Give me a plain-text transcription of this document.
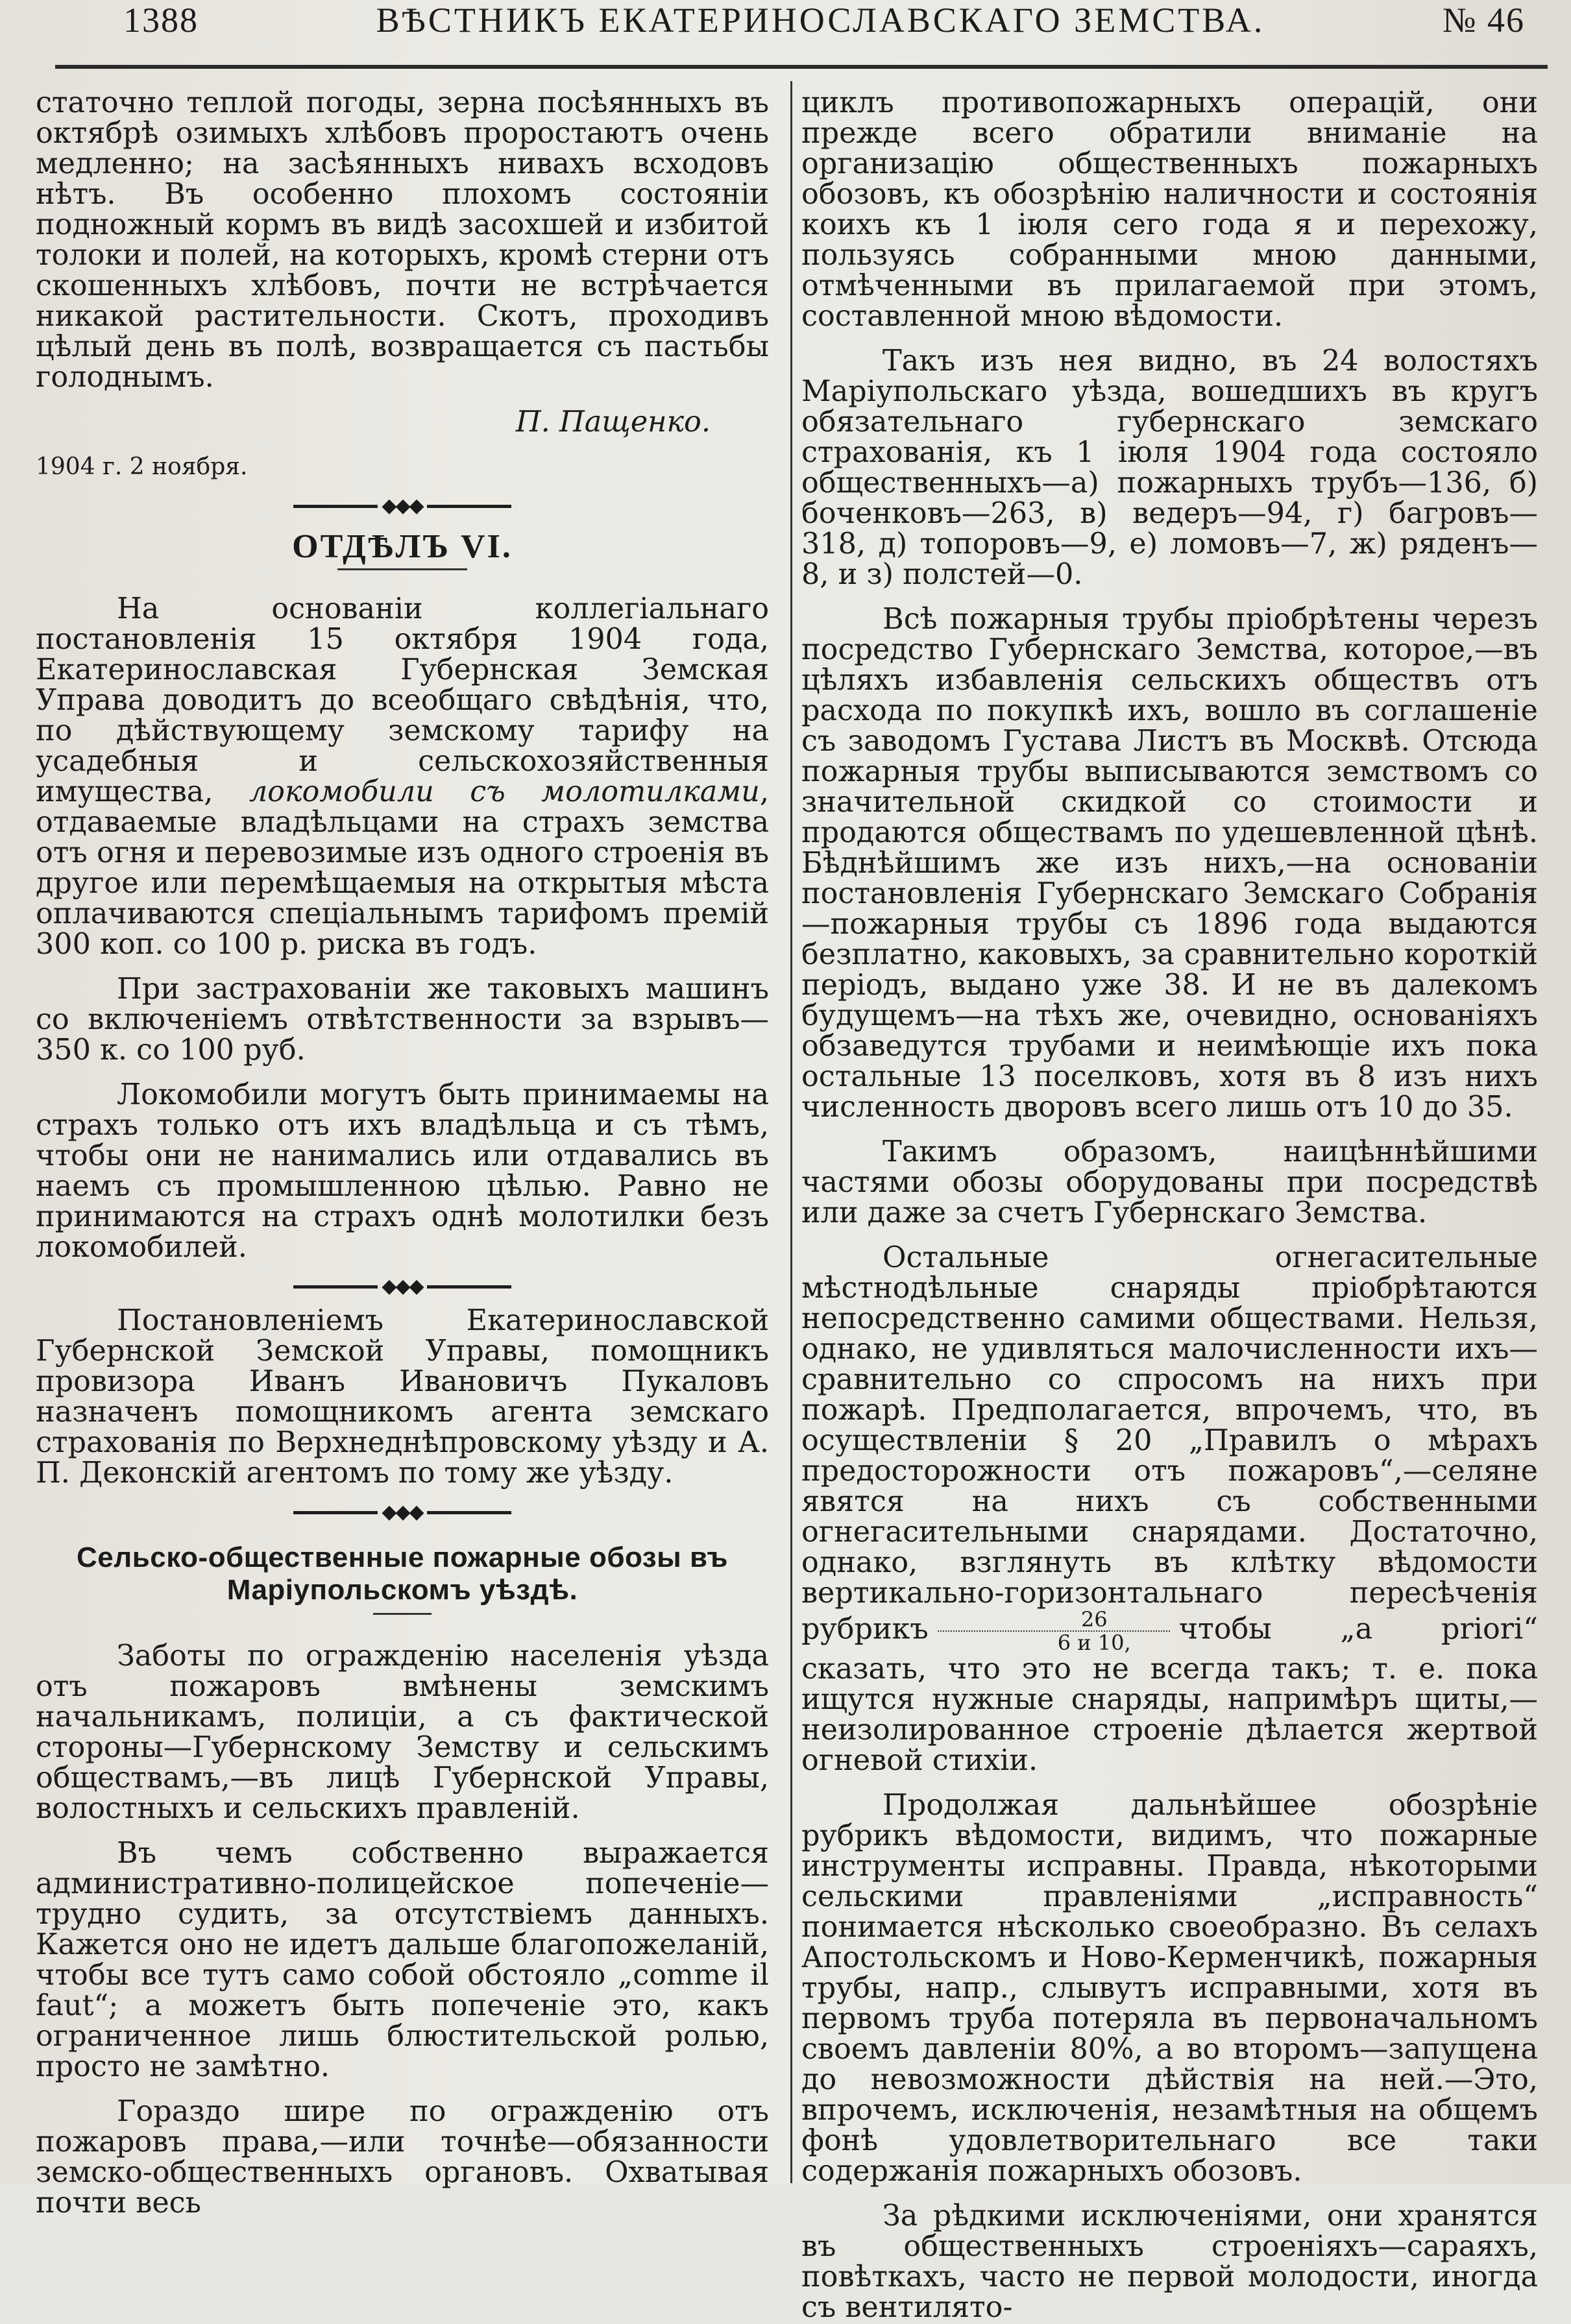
1388	ВѢСТНИКЪ ЕКАТЕРИНОСЛАВСКАГО ЗЕМСТВА.	№ 46

статочно теплой погоды, зерна посѣянныхъ въ октябрѣ озимыхъ хлѣбовъ проростаютъ очень медленно; на засѣянныхъ нивахъ всходовъ нѣтъ. Въ особенно плохомъ состояніи подножный кормъ въ видѣ засохшей и избитой толоки и полей, на которыхъ, кромѣ стерни отъ скошенныхъ хлѣбовъ, почти не встрѣчается никакой растительности. Скотъ, проходивъ цѣлый день въ полѣ, возвращается съ пастьбы голоднымъ.

П. Пащенко.

1904 г. 2 ноября.

◆◆◆
ОТДѢЛЪ VI.

На основаніи коллегіальнаго постановленія 15 октября 1904 года, Екатеринославская Губернская Земская Управа доводитъ до всеобщаго свѣдѣнія, что, по дѣйствующему земскому тарифу на усадебныя и сельскохозяйственныя имущества, локомобили съ молотилками, отдаваемые владѣльцами на страхъ земства отъ огня и перевозимые изъ одного строенія въ другое или перемѣщаемыя на открытыя мѣста оплачиваются спеціальнымъ тарифомъ премій 300 коп. со 100 р. риска въ годъ.

При застрахованіи же таковыхъ машинъ со включеніемъ отвѣтственности за взрывъ—350 к. со 100 руб.

Локомобили могутъ быть принимаемы на страхъ только отъ ихъ владѣльца и съ тѣмъ, чтобы они не нанимались или отдавались въ наемъ съ промышленною цѣлью. Равно не принимаются на страхъ однѣ молотилки безъ локомобилей.

◆◆◆

Постановленіемъ Екатеринославской Губернской Земской Управы, помощникъ провизора Иванъ Ивановичъ Пукаловъ назначенъ помощникомъ агента земскаго страхованія по Верхнеднѣпровскому уѣзду и А. П. Деконскій агентомъ по тому же уѣзду.

◆◆◆
Сельско-общественные пожарные обозы въ Маріупольскомъ уѣздѣ.

Заботы по огражденію населенія уѣзда отъ пожаровъ вмѣнены земскимъ начальникамъ, полиціи, а съ фактической стороны—Губернскому Земству и сельскимъ обществамъ,—въ лицѣ Губернской Управы, волостныхъ и сельскихъ правленій.

Въ чемъ собственно выражается административно-полицейское попеченіе—трудно судить, за отсутствіемъ данныхъ. Кажется оно не идетъ дальше благопожеланій, чтобы все тутъ само собой обстояло „comme il faut“; а можетъ быть попеченіе это, какъ ограниченное лишь блюстительской ролью, просто не замѣтно.

Гораздо шире по огражденію отъ пожаровъ права,—или точнѣе—обязанности земско-общественныхъ органовъ. Охватывая почти весь

циклъ противопожарныхъ операцій, они прежде всего обратили вниманіе на организацію общественныхъ пожарныхъ обозовъ, къ обозрѣнію наличности и состоянія коихъ къ 1 іюля сего года я и перехожу, пользуясь собранными мною данными, отмѣченными въ прилагаемой при этомъ, составленной мною вѣдомости.

Такъ изъ нея видно, въ 24 волостяхъ Маріупольскаго уѣзда, вошедшихъ въ кругъ обязательнаго губернскаго земскаго страхованія, къ 1 іюля 1904 года состояло общественныхъ—а) пожарныхъ трубъ—136, б) боченковъ—263, в) ведеръ—94, г) багровъ—318, д) топоровъ—9, е) ломовъ—7, ж) ряденъ—8, и з) полстей—0.

Всѣ пожарныя трубы пріобрѣтены черезъ посредство Губернскаго Земства, которое,—въ цѣляхъ избавленія сельскихъ обществъ отъ расхода по покупкѣ ихъ, вошло въ соглашеніе съ заводомъ Густава Листъ въ Москвѣ. Отсюда пожарныя трубы выписываются земствомъ со значительной скидкой со стоимости и продаются обществамъ по удешевленной цѣнѣ. Бѣднѣйшимъ же изъ нихъ,—на основаніи постановленія Губернскаго Земскаго Собранія—пожарныя трубы съ 1896 года выдаются безплатно, каковыхъ, за сравнительно короткій періодъ, выдано уже 38. И не въ далекомъ будущемъ—на тѣхъ же, очевидно, основаніяхъ обзаведутся трубами и неимѣющіе ихъ пока остальные 13 поселковъ, хотя въ 8 изъ нихъ численность дворовъ всего лишь отъ 10 до 35.

Такимъ образомъ, наицѣннѣйшими частями обозы оборудованы при посредствѣ или даже за счетъ Губернскаго Земства.

Остальные огнегасительные мѣстнодѣльные снаряды пріобрѣтаются непосредственно самими обществами. Нельзя, однако, не удивляться малочисленности ихъ—сравнительно со спросомъ на нихъ при пожарѣ. Предполагается, впрочемъ, что, въ осуществленіи § 20 „Правилъ о мѣрахъ предосторожности отъ пожаровъ“,—селяне явятся на нихъ съ собственными огнегасительными снарядами. Достаточно, однако, взглянуть въ клѣтку вѣдомости вертикально-горизонтальнаго пересѣченія рубрикъ $\frac{26}{6 и 10,}$ чтобы „a priori“ сказать, что это не всегда такъ; т. е. пока ищутся нужные снаряды, напримѣръ щиты,—неизолированное строеніе дѣлается жертвой огневой стихіи.

Продолжая дальнѣйшее обозрѣніе рубрикъ вѣдомости, видимъ, что пожарные инструменты исправны. Правда, нѣкоторыми сельскими правленіями „исправность“ понимается нѣсколько своеобразно. Въ селахъ Апостольскомъ и Ново-Керменчикѣ, пожарныя трубы, напр., слывутъ исправными, хотя въ первомъ труба потеряла въ первоначальномъ своемъ давленіи 80%, а во второмъ—запущена до невозможности дѣйствія на ней.—Это, впрочемъ, исключенія, незамѣтныя на общемъ фонѣ удовлетворительнаго все таки содержанія пожарныхъ обозовъ.

За рѣдкими исключеніями, они хранятся въ общественныхъ строеніяхъ—сараяхъ, повѣткахъ, часто не первой молодости, иногда съ вентилято-
